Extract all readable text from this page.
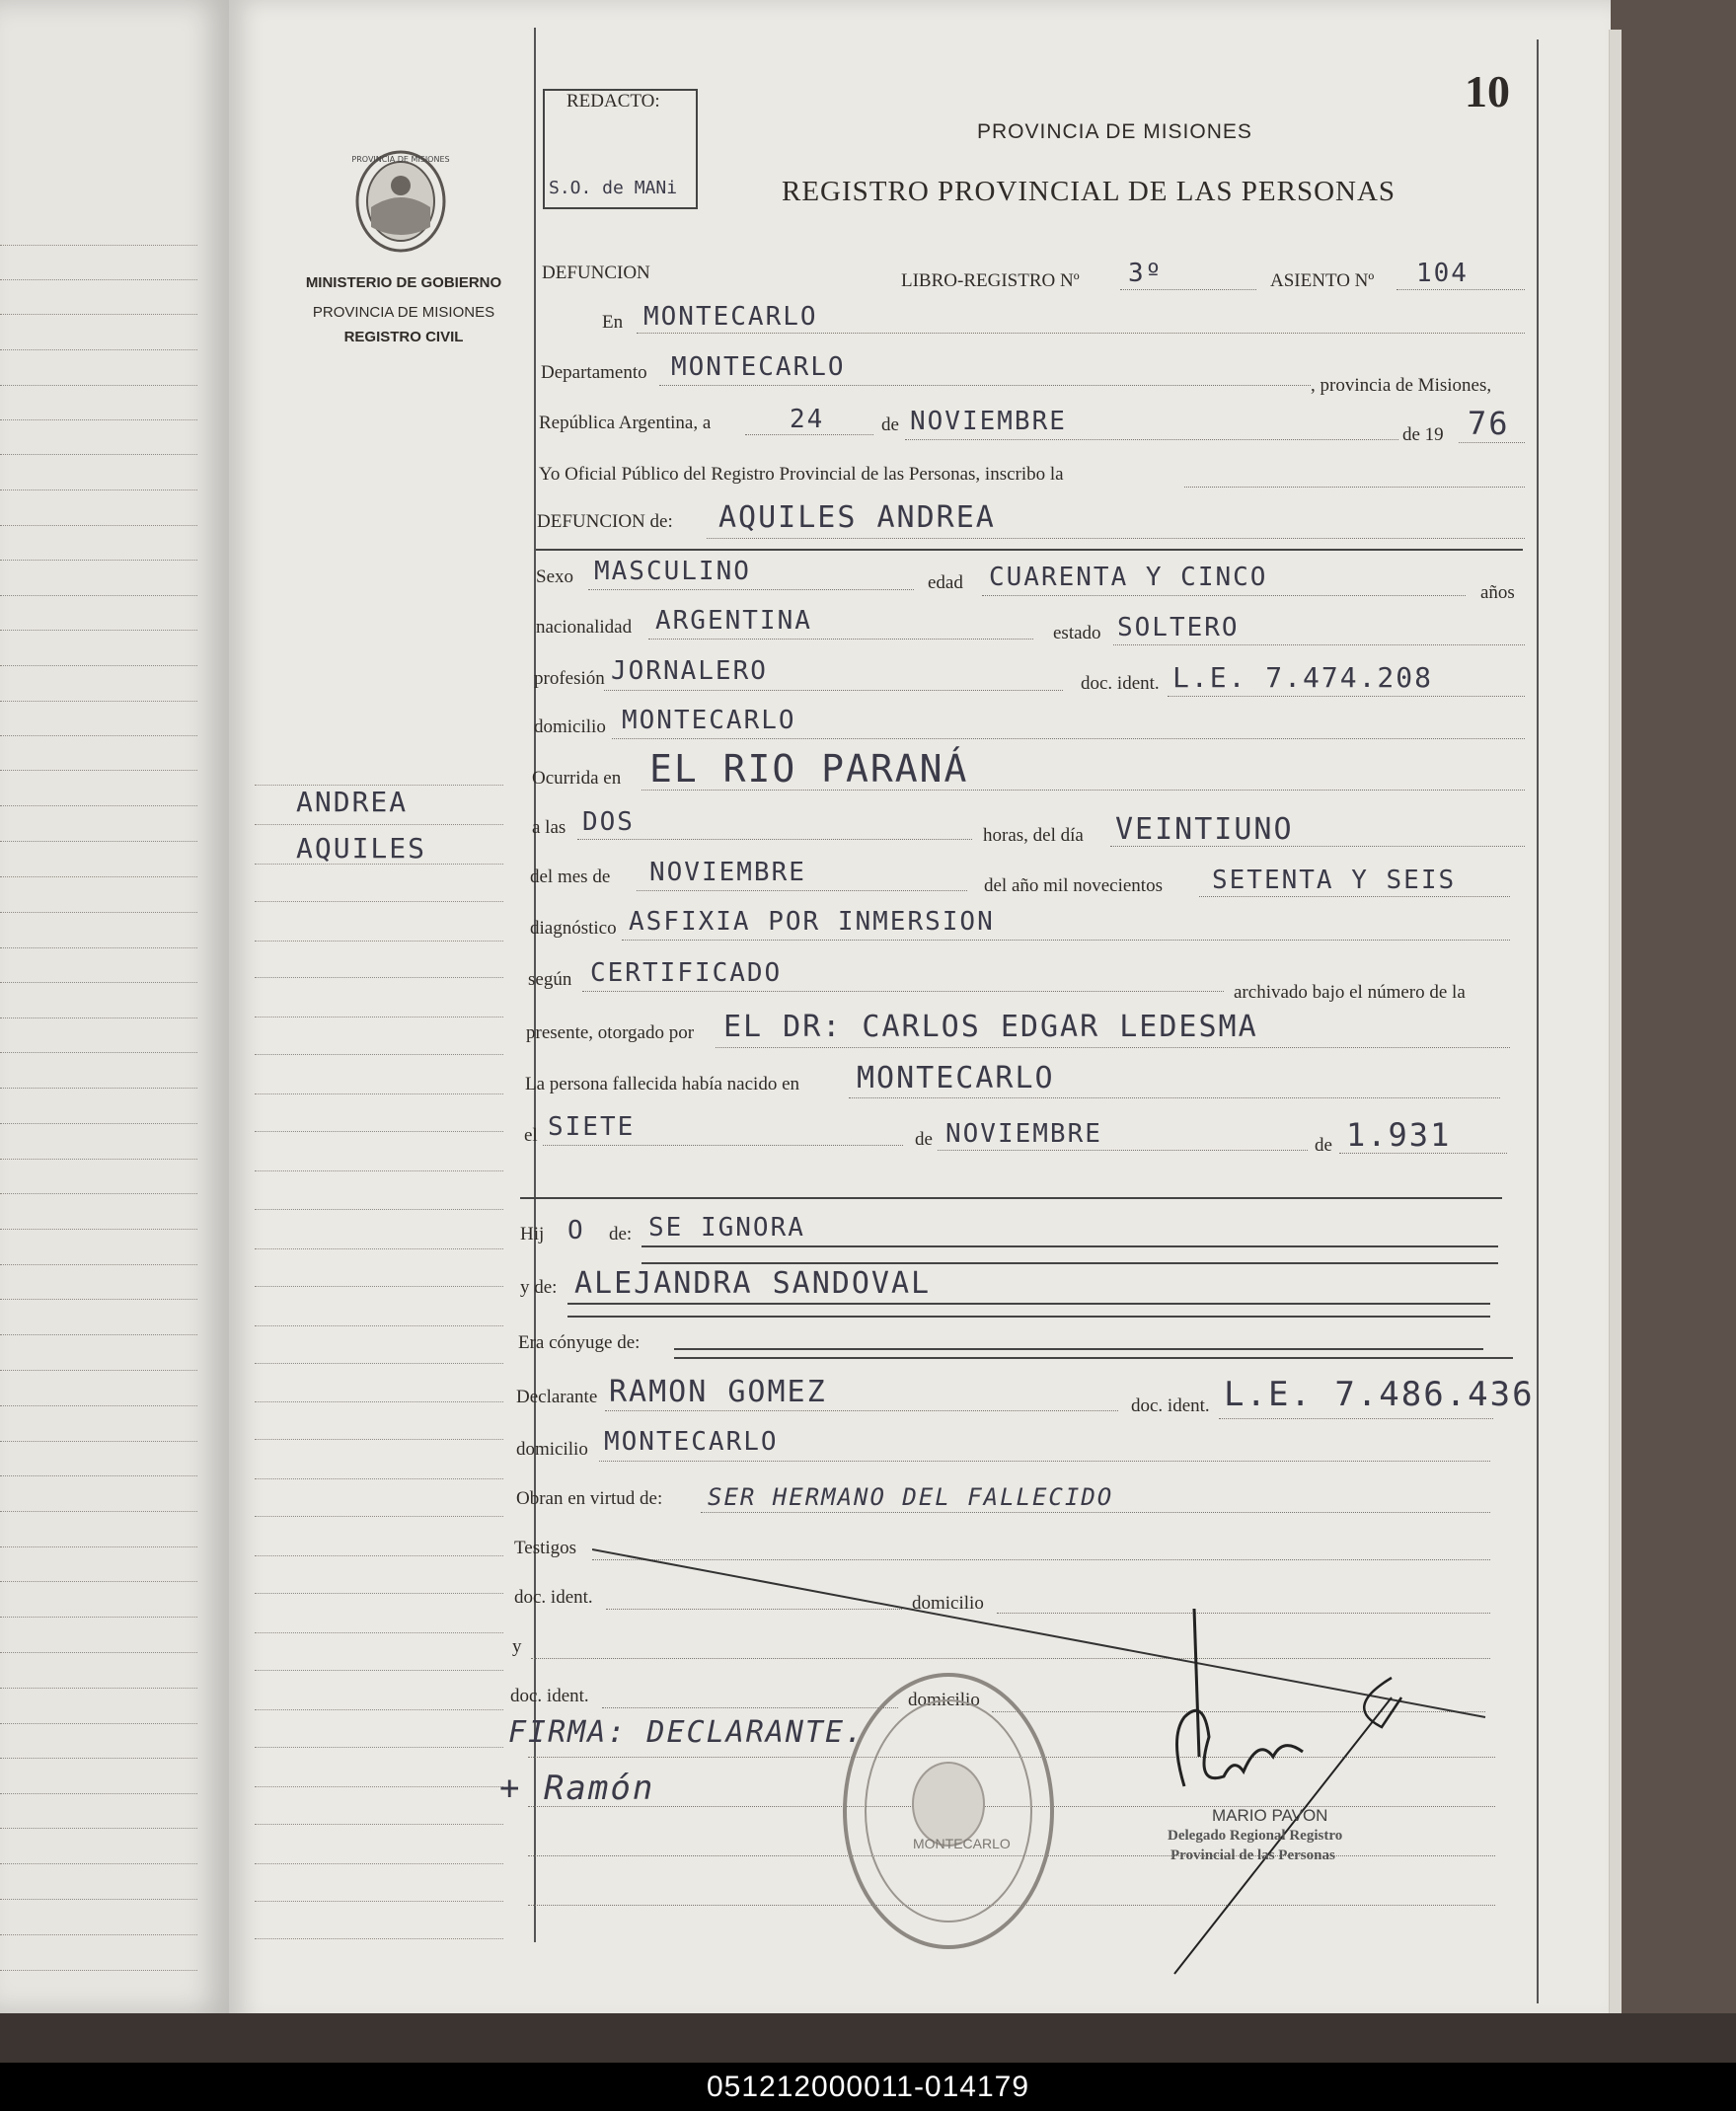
PROVINCIA DE MISIONES
MINISTERIO DE GOBIERNO
PROVINCIA DE MISIONES
REGISTRO CIVIL
ANDREA
AQUILES
REDACTO:
S.O. de MANi
PROVINCIA DE MISIONES
REGISTRO PROVINCIAL DE LAS PERSONAS
10
DEFUNCION	LIBRO-REGISTRO Nº 3º	ASIENTO Nº 104
En MONTECARLO
Departamento MONTECARLO
, provincia de Misiones,
República Argentina, a	24	de NOVIEMBRE	de 19 76
Yo Oficial Público del Registro Provincial de las Personas, inscribo la
DEFUNCION de: AQUILES ANDREA
Sexo MASCULINO	edad CUARENTA Y CINCO
años
nacionalidad ARGENTINA	estado SOLTERO
profesión JORNALERO	doc. ident. L.E. 7.474.208
domicilio MONTECARLO
Ocurrida en EL RIO PARANÁ
a las DOS	horas, del día VEINTIUNO
del mes de NOVIEMBRE	del año mil novecientos SETENTA Y SEIS
diagnóstico ASFIXIA POR INMERSION
según CERTIFICADO
archivado bajo el número de la
presente, otorgado por EL DR: CARLOS EDGAR LEDESMA
La persona fallecida había nacido en MONTECARLO
el SIETE	de NOVIEMBRE	de 1.931
Hij O de: SE IGNORA
y de: ALEJANDRA SANDOVAL
Era cónyuge de:
Declarante RAMON GOMEZ	doc. ident. L.E. 7.486.436
domicilio MONTECARLO
Obran en virtud de: SER HERMANO DEL FALLECIDO
Testigos
doc. ident.	domicilio
y
doc. ident.	domicilio
FIRMA: DECLARANTE.
+ Ramón
MONTECARLO
MARIO PAVON
Delegado Regional Registro
Provincial de las Personas
051212000011-014179
